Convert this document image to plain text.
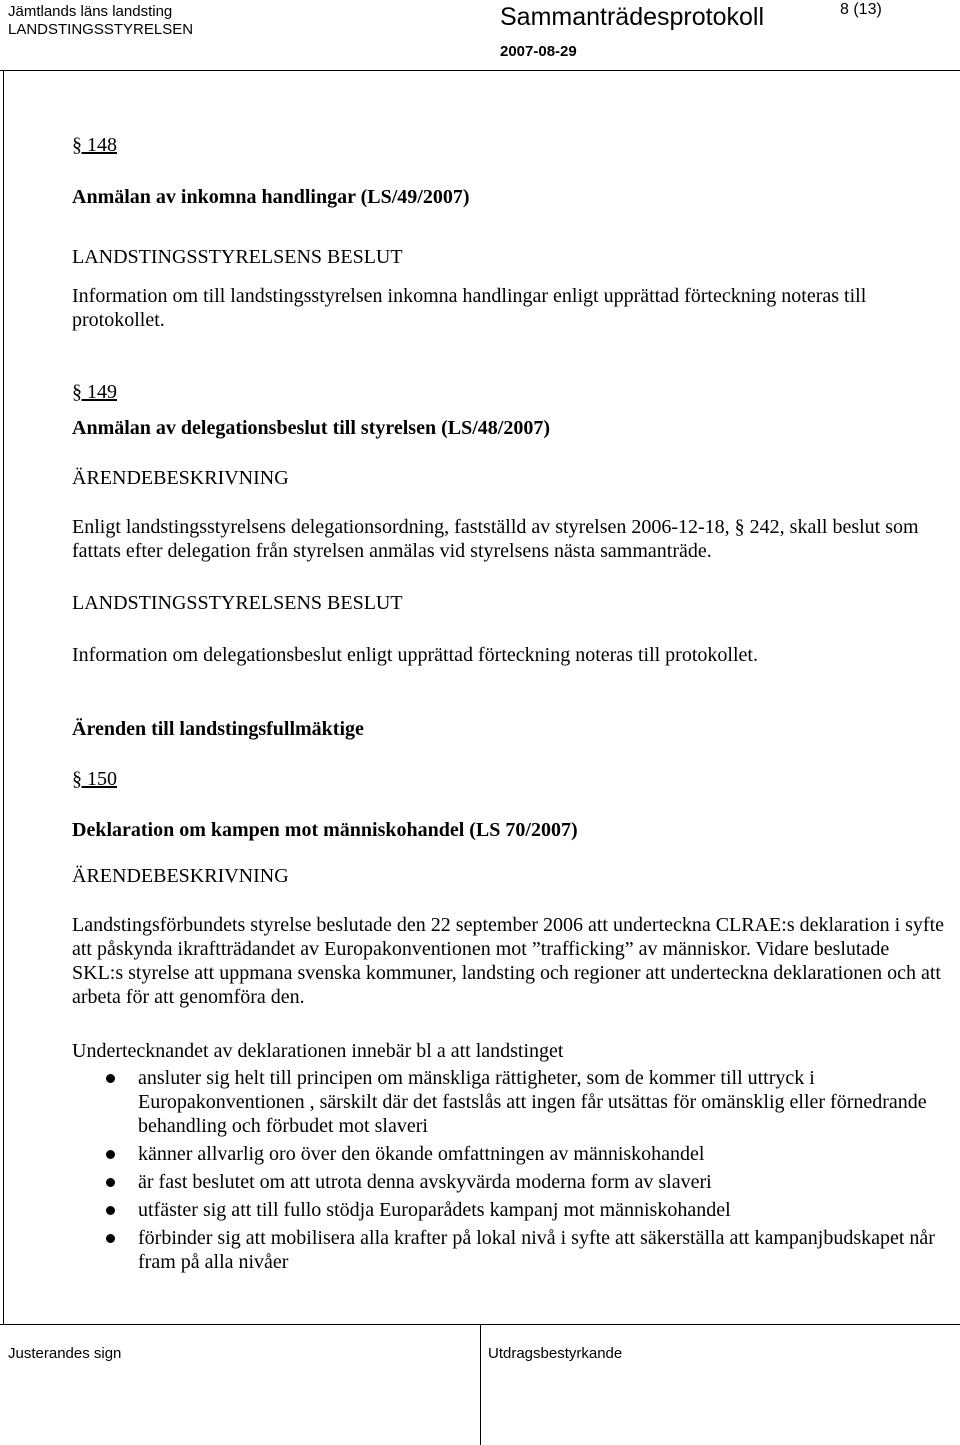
Jämtlands läns landsting
LANDSTINGSSTYRELSEN	Sammanträdesprotokoll	8 (13)
2007-08-29
§ 148
Anmälan av inkomna handlingar (LS/49/2007)
LANDSTINGSSTYRELSENS BESLUT
Information om till landstingsstyrelsen inkomna handlingar enligt upprättad förteckning noteras till protokollet.
§ 149
Anmälan av delegationsbeslut till styrelsen (LS/48/2007)
ÄRENDEBESKRIVNING
Enligt landstingsstyrelsens delegationsordning, fastställd av styrelsen 2006-12-18, § 242, skall beslut som fattats efter delegation från styrelsen anmälas vid styrelsens nästa sammanträde.
LANDSTINGSSTYRELSENS BESLUT
Information om delegationsbeslut enligt upprättad förteckning noteras till protokollet.
Ärenden till landstingsfullmäktige
§ 150
Deklaration om kampen mot människohandel (LS 70/2007)
ÄRENDEBESKRIVNING
Landstingsförbundets styrelse beslutade den 22 september 2006 att underteckna CLRAE:s deklaration i syfte att påskynda ikraftträdandet av Europakonventionen mot ”trafficking” av människor. Vidare beslutade SKL:s styrelse att uppmana svenska kommuner, landsting och regioner att underteckna deklarationen och att arbeta för att genomföra den.
Undertecknandet av deklarationen innebär bl a att landstinget
ansluter sig helt till principen om mänskliga rättigheter, som de kommer till uttryck i Europakonventionen , särskilt där det fastslås att ingen får utsättas för omänsklig eller förnedrande behandling och förbudet mot slaveri
känner allvarlig oro över den ökande omfattningen av människohandel
är fast beslutet om att utrota denna avskyvärda moderna form av slaveri
utfäster sig att till fullo stödja Europarådets kampanj mot människohandel
förbinder sig att mobilisera alla krafter på lokal nivå i syfte att säkerställa att kampanjbudskapet når fram på alla nivåer
Justerandes sign	Utdragsbestyrkande
